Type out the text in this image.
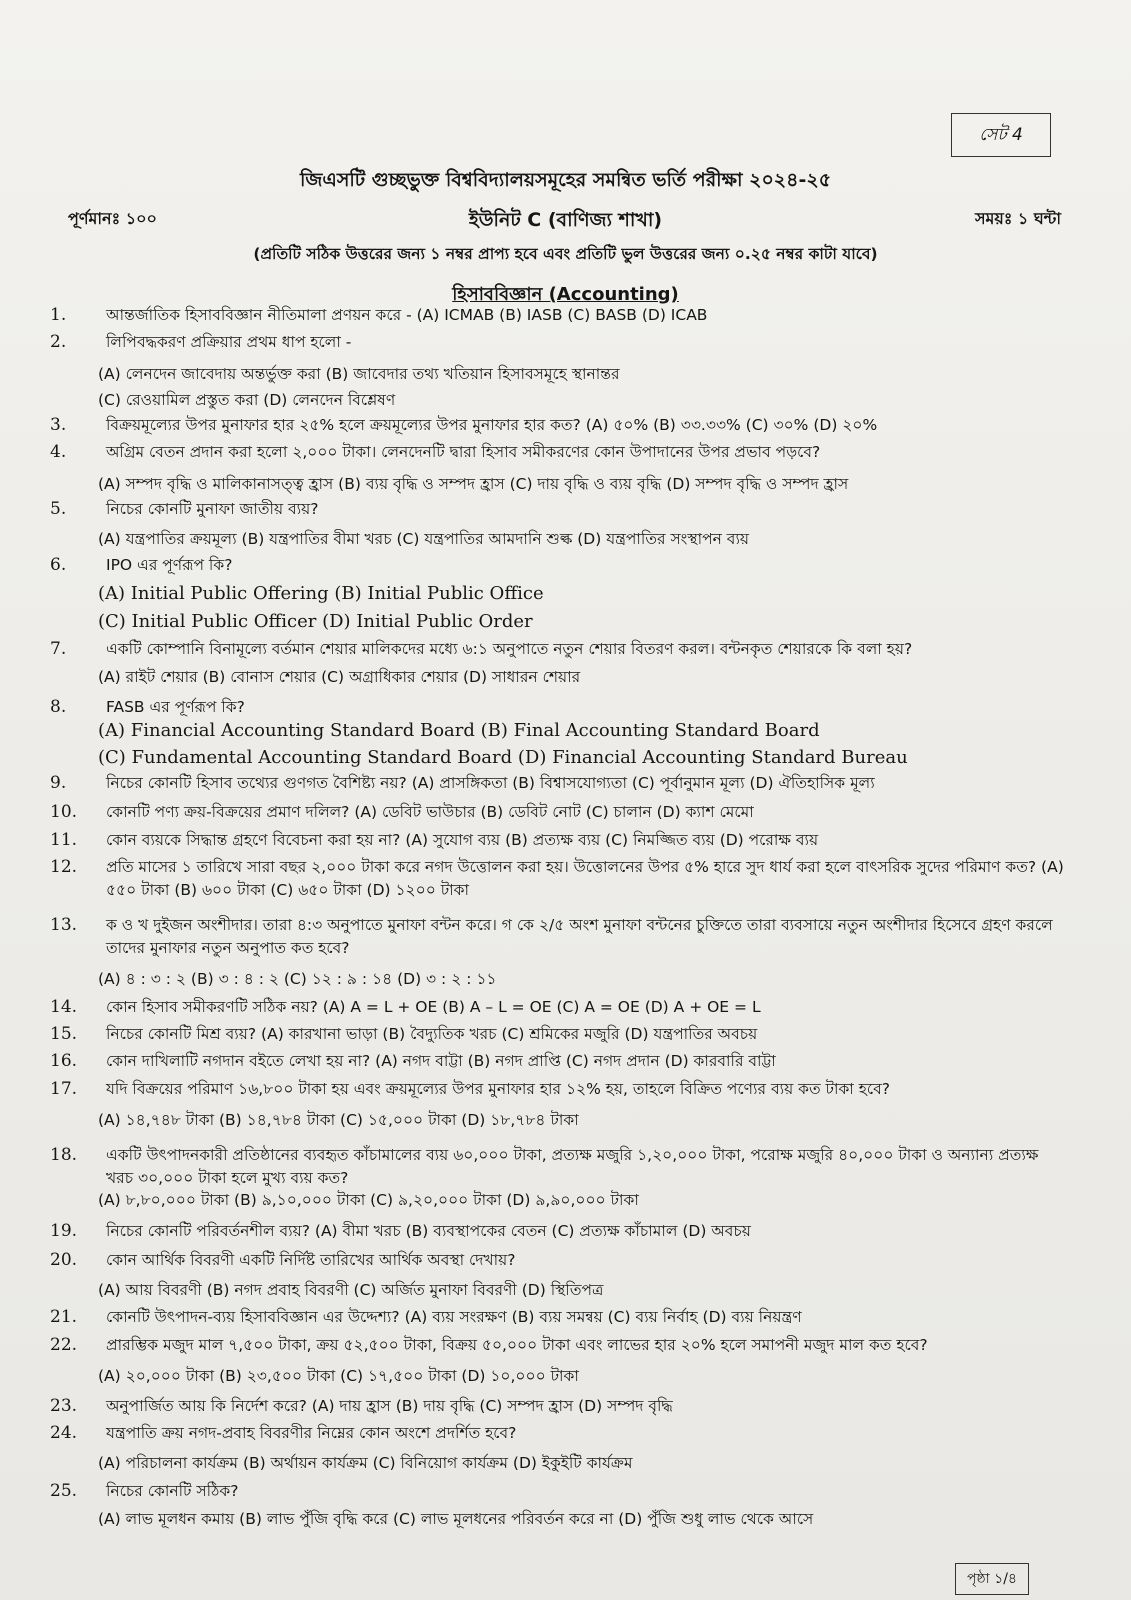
সেট 4
জিএসটি গুচ্ছভুক্ত বিশ্ববিদ্যালয়সমূহের সমন্বিত ভর্তি পরীক্ষা ২০২৪-২৫
পূর্ণমানঃ ১০০	ইউনিট C (বাণিজ্য শাখা)	সময়ঃ ১ ঘন্টা
(প্রতিটি সঠিক উত্তরের জন্য ১ নম্বর প্রাপ্য হবে এবং প্রতিটি ভুল উত্তরের জন্য ০.২৫ নম্বর কাটা যাবে)
হিসাববিজ্ঞান (Accounting)
1.	আন্তর্জাতিক হিসাববিজ্ঞান নীতিমালা প্রণয়ন করে - (A) ICMAB (B) IASB (C) BASB (D) ICAB
2.	লিপিবদ্ধকরণ প্রক্রিয়ার প্রথম ধাপ হলো -
(A) লেনদেন জাবেদায় অন্তর্ভুক্ত করা (B) জাবেদার তথ্য খতিয়ান হিসাবসমূহে স্থানান্তর
(C) রেওয়ামিল প্রস্তুত করা (D) লেনদেন বিশ্লেষণ
3.	বিক্রয়মূল্যের উপর মুনাফার হার ২৫% হলে ক্রয়মূল্যের উপর মুনাফার হার কত? (A) ৫০% (B) ৩৩.৩৩% (C) ৩০% (D) ২০%
4.	অগ্রিম বেতন প্রদান করা হলো ২,০০০ টাকা। লেনদেনটি দ্বারা হিসাব সমীকরণের কোন উপাদানের উপর প্রভাব পড়বে?
(A) সম্পদ বৃদ্ধি ও মালিকানাসত্ত্ব হ্রাস (B) ব্যয় বৃদ্ধি ও সম্পদ হ্রাস (C) দায় বৃদ্ধি ও ব্যয় বৃদ্ধি (D) সম্পদ বৃদ্ধি ও সম্পদ হ্রাস
5.	নিচের কোনটি মুনাফা জাতীয় ব্যয়?
(A) যন্ত্রপাতির ক্রয়মূল্য (B) যন্ত্রপাতির বীমা খরচ (C) যন্ত্রপাতির আমদানি শুল্ক (D) যন্ত্রপাতির সংস্থাপন ব্যয়
6.	IPO এর পূর্ণরূপ কি?
(A) Initial Public Offering (B) Initial Public Office
(C) Initial Public Officer (D) Initial Public Order
7.	একটি কোম্পানি বিনামূল্যে বর্তমান শেয়ার মালিকদের মধ্যে ৬:১ অনুপাতে নতুন শেয়ার বিতরণ করল। বন্টনকৃত শেয়ারকে কি বলা হয়?
(A) রাইট শেয়ার (B) বোনাস শেয়ার (C) অগ্রাধিকার শেয়ার (D) সাধারন শেয়ার
8.	FASB এর পূর্ণরূপ কি?
(A) Financial Accounting Standard Board (B) Final Accounting Standard Board
(C) Fundamental Accounting Standard Board (D) Financial Accounting Standard Bureau
9.	নিচের কোনটি হিসাব তথ্যের গুণগত বৈশিষ্ট্য নয়? (A) প্রাসঙ্গিকতা (B) বিশ্বাসযোগ্যতা (C) পূর্বানুমান মূল্য (D) ঐতিহাসিক মূল্য
10.	কোনটি পণ্য ক্রয়-বিক্রয়ের প্রমাণ দলিল? (A) ডেবিট ভাউচার (B) ডেবিট নোট (C) চালান (D) ক্যাশ মেমো
11.	কোন ব্যয়কে সিদ্ধান্ত গ্রহণে বিবেচনা করা হয় না? (A) সুযোগ ব্যয় (B) প্রত্যক্ষ ব্যয় (C) নিমজ্জিত ব্যয় (D) পরোক্ষ ব্যয়
12.	প্রতি মাসের ১ তারিখে সারা বছর ২,০০০ টাকা করে নগদ উত্তোলন করা হয়। উত্তোলনের উপর ৫% হারে সুদ ধার্য করা হলে বাৎসরিক সুদের পরিমাণ কত? (A) ৫৫০ টাকা (B) ৬০০ টাকা (C) ৬৫০ টাকা (D) ১২০০ টাকা
13.	ক ও খ দুইজন অংশীদার। তারা ৪:৩ অনুপাতে মুনাফা বন্টন করে। গ কে ২/৫ অংশ মুনাফা বন্টনের চুক্তিতে তারা ব্যবসায়ে নতুন অংশীদার হিসেবে গ্রহণ করলে তাদের মুনাফার নতুন অনুপাত কত হবে?
(A) ৪ : ৩ : ২ (B) ৩ : ৪ : ২ (C) ১২ : ৯ : ১৪ (D) ৩ : ২ : ১১
14.	কোন হিসাব সমীকরণটি সঠিক নয়? (A) A = L + OE (B) A – L = OE (C) A = OE (D) A + OE = L
15.	নিচের কোনটি মিশ্র ব্যয়? (A) কারখানা ভাড়া (B) বৈদ্যুতিক খরচ (C) শ্রমিকের মজুরি (D) যন্ত্রপাতির অবচয়
16.	কোন দাখিলাটি নগদান বইতে লেখা হয় না? (A) নগদ বাট্টা (B) নগদ প্রাপ্তি (C) নগদ প্রদান (D) কারবারি বাট্টা
17.	যদি বিক্রয়ের পরিমাণ ১৬,৮০০ টাকা হয় এবং ক্রয়মূল্যের উপর মুনাফার হার ১২% হয়, তাহলে বিক্রিত পণ্যের ব্যয় কত টাকা হবে?
(A) ১৪,৭৪৮ টাকা (B) ১৪,৭৮৪ টাকা (C) ১৫,০০০ টাকা (D) ১৮,৭৮৪ টাকা
18.	একটি উৎপাদনকারী প্রতিষ্ঠানের ব্যবহৃত কাঁচামালের ব্যয় ৬০,০০০ টাকা, প্রত্যক্ষ মজুরি ১,২০,০০০ টাকা, পরোক্ষ মজুরি ৪০,০০০ টাকা ও অন্যান্য প্রত্যক্ষ খরচ ৩০,০০০ টাকা হলে মুখ্য ব্যয় কত?
(A) ৮,৮০,০০০ টাকা (B) ৯,১০,০০০ টাকা (C) ৯,২০,০০০ টাকা (D) ৯,৯০,০০০ টাকা
19.	নিচের কোনটি পরিবর্তনশীল ব্যয়? (A) বীমা খরচ (B) ব্যবস্থাপকের বেতন (C) প্রত্যক্ষ কাঁচামাল (D) অবচয়
20.	কোন আর্থিক বিবরণী একটি নির্দিষ্ট তারিখের আর্থিক অবস্থা দেখায়?
(A) আয় বিবরণী (B) নগদ প্রবাহ বিবরণী (C) অর্জিত মুনাফা বিবরণী (D) স্থিতিপত্র
21.	কোনটি উৎপাদন-ব্যয় হিসাববিজ্ঞান এর উদ্দেশ্য? (A) ব্যয় সংরক্ষণ (B) ব্যয় সমন্বয় (C) ব্যয় নির্বাহ (D) ব্যয় নিয়ন্ত্রণ
22.	প্রারম্ভিক মজুদ মাল ৭,৫০০ টাকা, ক্রয় ৫২,৫০০ টাকা, বিক্রয় ৫০,০০০ টাকা এবং লাভের হার ২০% হলে সমাপনী মজুদ মাল কত হবে?
(A) ২০,০০০ টাকা (B) ২৩,৫০০ টাকা (C) ১৭,৫০০ টাকা (D) ১০,০০০ টাকা
23.	অনুপার্জিত আয় কি নির্দেশ করে? (A) দায় হ্রাস (B) দায় বৃদ্ধি (C) সম্পদ হ্রাস (D) সম্পদ বৃদ্ধি
24.	যন্ত্রপাতি ক্রয় নগদ-প্রবাহ বিবরণীর নিম্নের কোন অংশে প্রদর্শিত হবে?
(A) পরিচালনা কার্যক্রম (B) অর্থায়ন কার্যক্রম (C) বিনিয়োগ কার্যক্রম (D) ইকুইটি কার্যক্রম
25.	নিচের কোনটি সঠিক?
(A) লাভ মূলধন কমায় (B) লাভ পুঁজি বৃদ্ধি করে (C) লাভ মূলধনের পরিবর্তন করে না (D) পুঁজি শুধু লাভ থেকে আসে
পৃষ্ঠা ১/৪
